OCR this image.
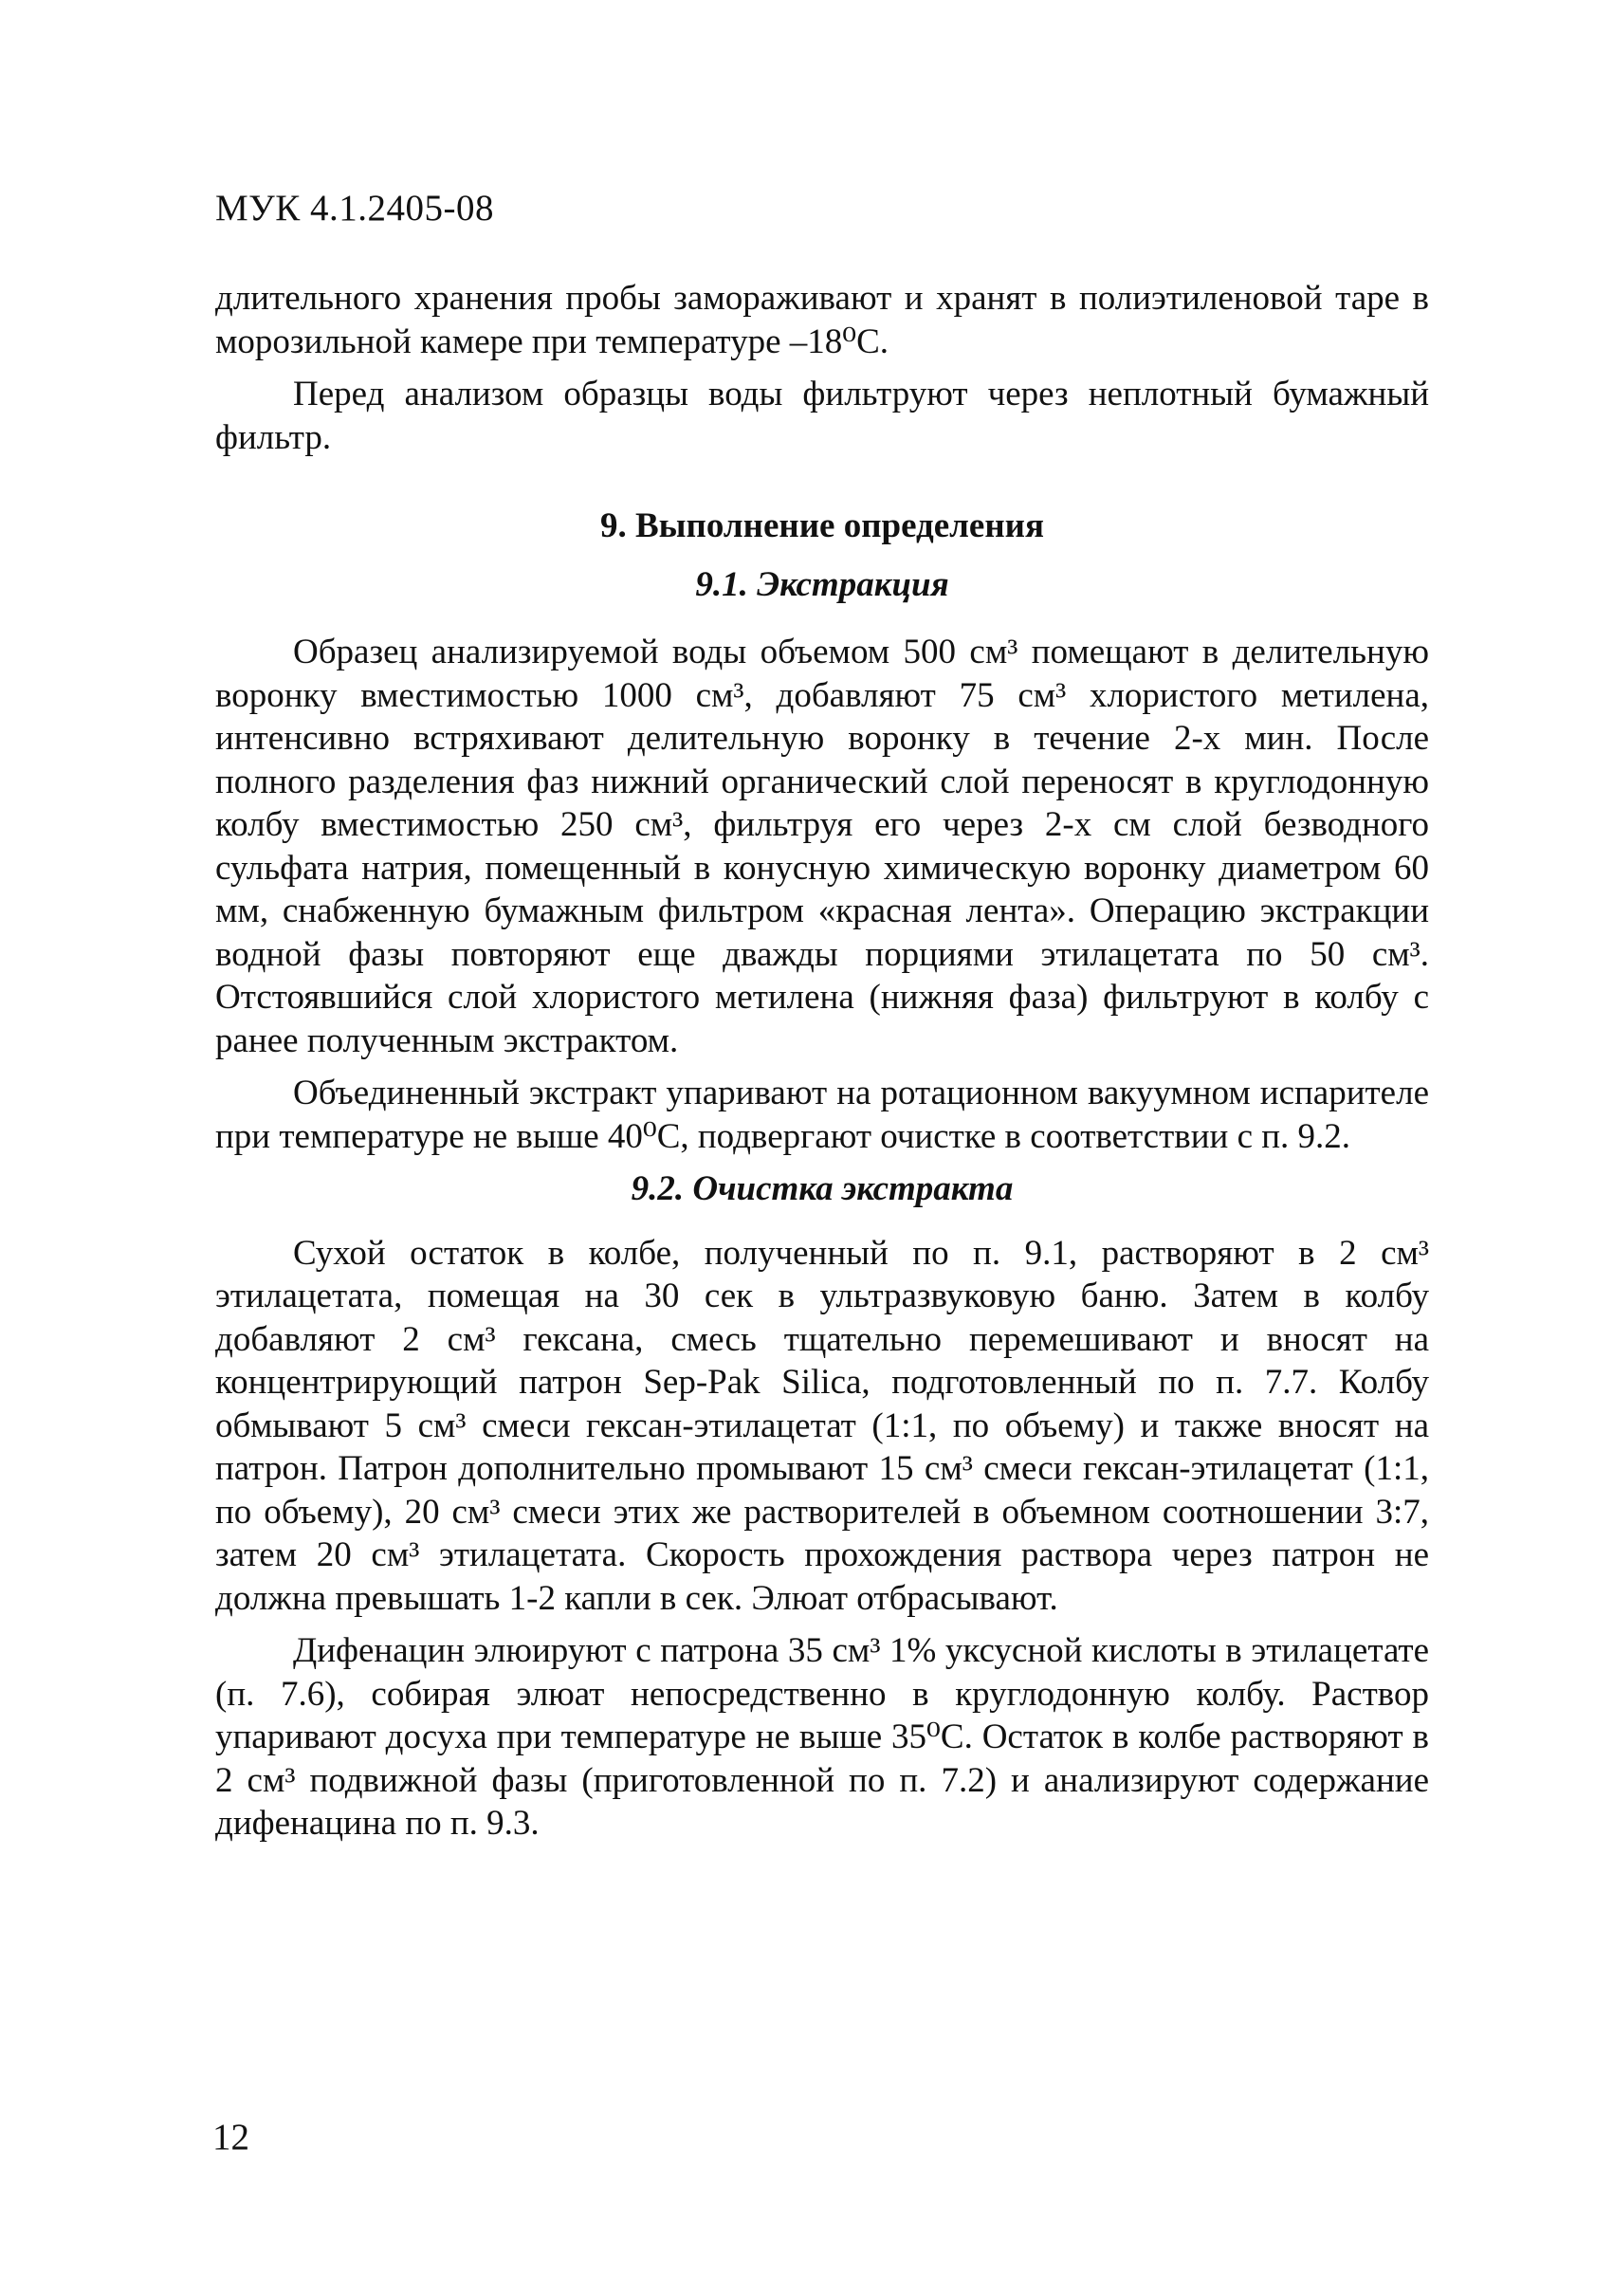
МУК 4.1.2405-08

длительного хранения пробы замораживают и хранят в полиэтиленовой таре в морозильной камере при температуре –18⁰С.

Перед анализом образцы воды фильтруют через неплотный бумажный фильтр.

9. Выполнение определения
9.1. Экстракция

Образец анализируемой воды объемом 500 см³ помещают в делительную воронку вместимостью 1000 см³, добавляют 75 см³ хлористого метилена, интенсивно встряхивают делительную воронку в течение 2-х мин. После полного разделения фаз нижний органический слой переносят в круглодонную колбу вместимостью 250 см³, фильтруя его через 2-х см слой безводного сульфата натрия, помещенный в конусную химическую воронку диаметром 60 мм, снабженную бумажным фильтром «красная лента». Операцию экстракции водной фазы повторяют еще дважды порциями этилацетата по 50 см³. Отстоявшийся слой хлористого метилена (нижняя фаза) фильтруют в колбу с ранее полученным экстрактом.

Объединенный экстракт упаривают на ротационном вакуумном испарителе при температуре не выше 40⁰С, подвергают очистке в соответствии с п. 9.2.

9.2. Очистка экстракта

Сухой остаток в колбе, полученный по п. 9.1, растворяют в 2 см³ этилацетата, помещая на 30 сек в ультразвуковую баню. Затем в колбу добавляют 2 см³ гексана, смесь тщательно перемешивают и вносят на концентрирующий патрон Sep-Pak Silica, подготовленный по п. 7.7. Колбу обмывают 5 см³ смеси гексан-этилацетат (1:1, по объему) и также вносят на патрон. Патрон дополнительно промывают 15 см³ смеси гексан-этилацетат (1:1, по объему), 20 см³ смеси этих же растворителей в объемном соотношении 3:7, затем 20 см³ этилацетата. Скорость прохождения раствора через патрон не должна превышать 1-2 капли в сек. Элюат отбрасывают.

Дифенацин элюируют с патрона 35 см³ 1% уксусной кислоты в этилацетате (п. 7.6), собирая элюат непосредственно в круглодонную колбу. Раствор упаривают досуха при температуре не выше 35⁰С. Остаток в колбе растворяют в 2 см³ подвижной фазы (приготовленной по п. 7.2) и анализируют содержание дифенацина по п. 9.3.

12
